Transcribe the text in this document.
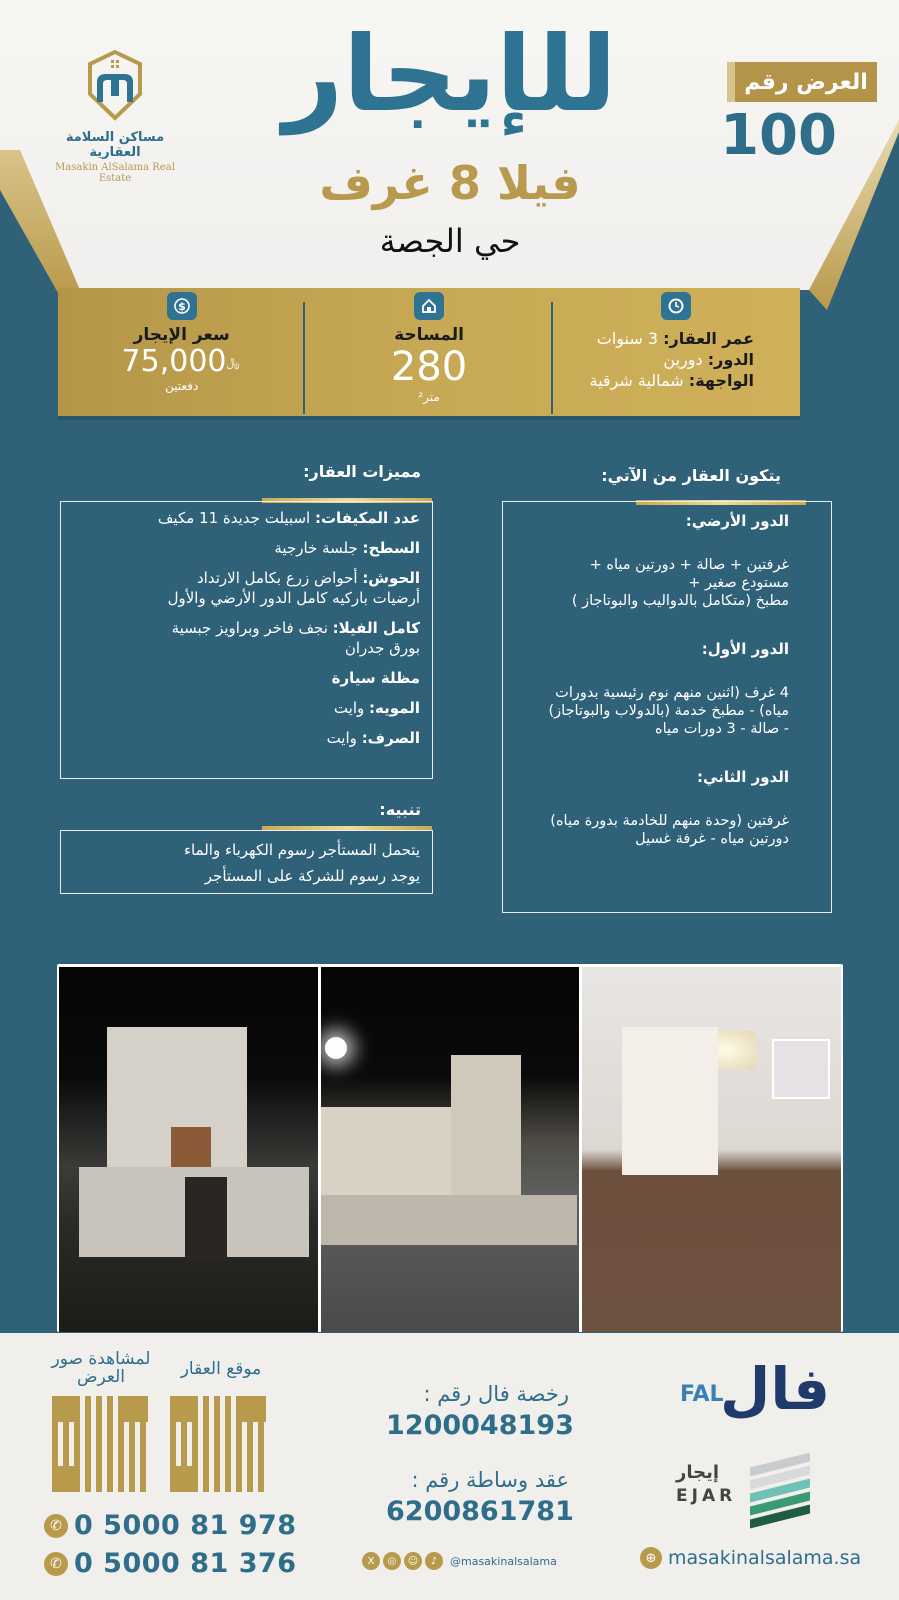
مساكن السلامة العقارية
Masakin AlSalama Real Estate
للإيجار
فيلا 8 غرف
حي الجصة
العرض رقم
100
عمر العقار: 3 سنوات
الدور: دورين
الواجهة: شمالية شرقية
المساحة
280
متر²
$
سعر الإيجار
﷼75,000
دفعتين
مميزات العقار:
عدد المكيفات: اسبيلت جديدة 11 مكيف
السطح: جلسة خارجية
الحوش: أحواض زرع بكامل الارتداد
أرضيات باركيه كامل الدور الأرضي والأول
كامل الفيلا: نجف فاخر وبراويز جبسية
بورق جدران
مظلة سيارة
المويه: وايت
الصرف: وايت
تنبيه:
يتحمل المستأجر رسوم الكهرباء والماء
يوجد رسوم للشركة على المستأجر
يتكون العقار من الآتي:
الدور الأرضي:
غرفتين + صالة + دورتين مياه +
مستودع صغير +
مطبخ (متكامل بالدواليب والبوتاجاز )
الدور الأول:
4 غرف (اثنين منهم نوم رئيسية بدورات
مياه) - مطبخ خدمة (بالدولاب والبوتاجاز)
- صالة - 3 دورات مياه
الدور الثاني:
غرفتين (وحدة منهم للخادمة بدورة مياه)
دورتين مياه - غرفة غسيل
لمشاهدة صور العرض	موقع العقار
✆ 0 5000 81 978
✆ 0 5000 81 376
رخصة فال رقم :
1200048193
عقد وساطة رقم :
6200861781
X	◎	☺	♪	@masakinalsalama
FAL
فال
إيجار
EJAR
⊕ masakinalsalama.sa
